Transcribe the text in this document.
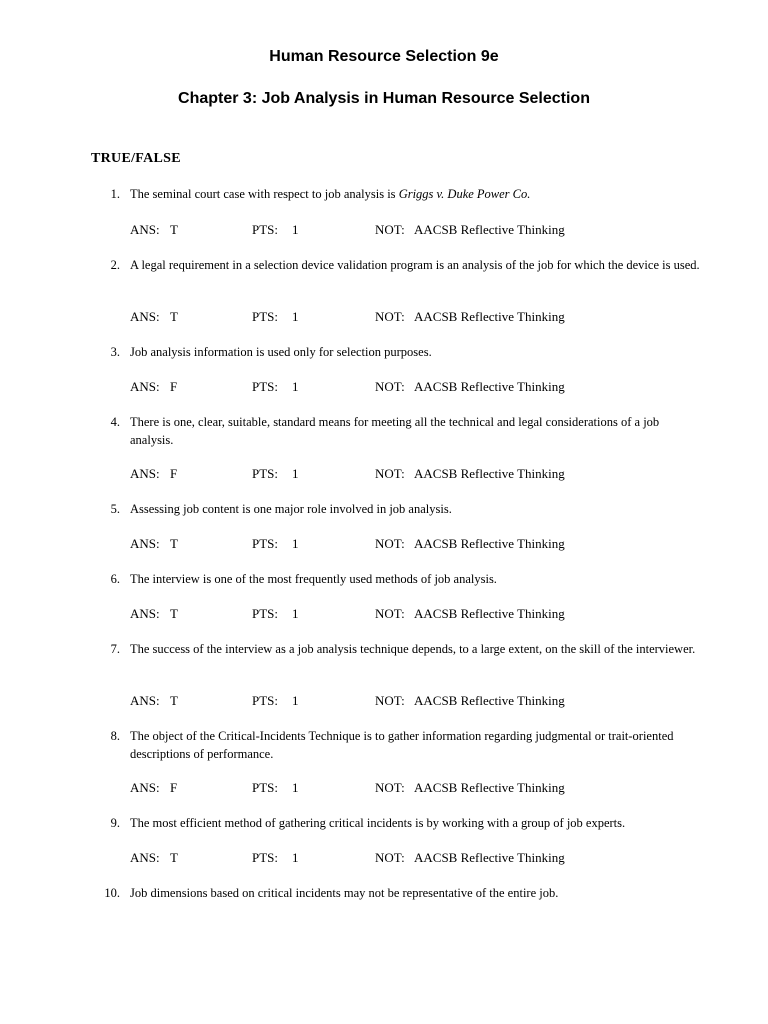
Human Resource Selection 9e
Chapter 3: Job Analysis in Human Resource Selection
TRUE/FALSE
1. The seminal court case with respect to job analysis is Griggs v. Duke Power Co.
ANS: T	PTS: 1	NOT: AACSB Reflective Thinking
2. A legal requirement in a selection device validation program is an analysis of the job for which the device is used.
ANS: T	PTS: 1	NOT: AACSB Reflective Thinking
3. Job analysis information is used only for selection purposes.
ANS: F	PTS: 1	NOT: AACSB Reflective Thinking
4. There is one, clear, suitable, standard means for meeting all the technical and legal considerations of a job analysis.
ANS: F	PTS: 1	NOT: AACSB Reflective Thinking
5. Assessing job content is one major role involved in job analysis.
ANS: T	PTS: 1	NOT: AACSB Reflective Thinking
6. The interview is one of the most frequently used methods of job analysis.
ANS: T	PTS: 1	NOT: AACSB Reflective Thinking
7. The success of the interview as a job analysis technique depends, to a large extent, on the skill of the interviewer.
ANS: T	PTS: 1	NOT: AACSB Reflective Thinking
8. The object of the Critical-Incidents Technique is to gather information regarding judgmental or trait-oriented descriptions of performance.
ANS: F	PTS: 1	NOT: AACSB Reflective Thinking
9. The most efficient method of gathering critical incidents is by working with a group of job experts.
ANS: T	PTS: 1	NOT: AACSB Reflective Thinking
10. Job dimensions based on critical incidents may not be representative of the entire job.
